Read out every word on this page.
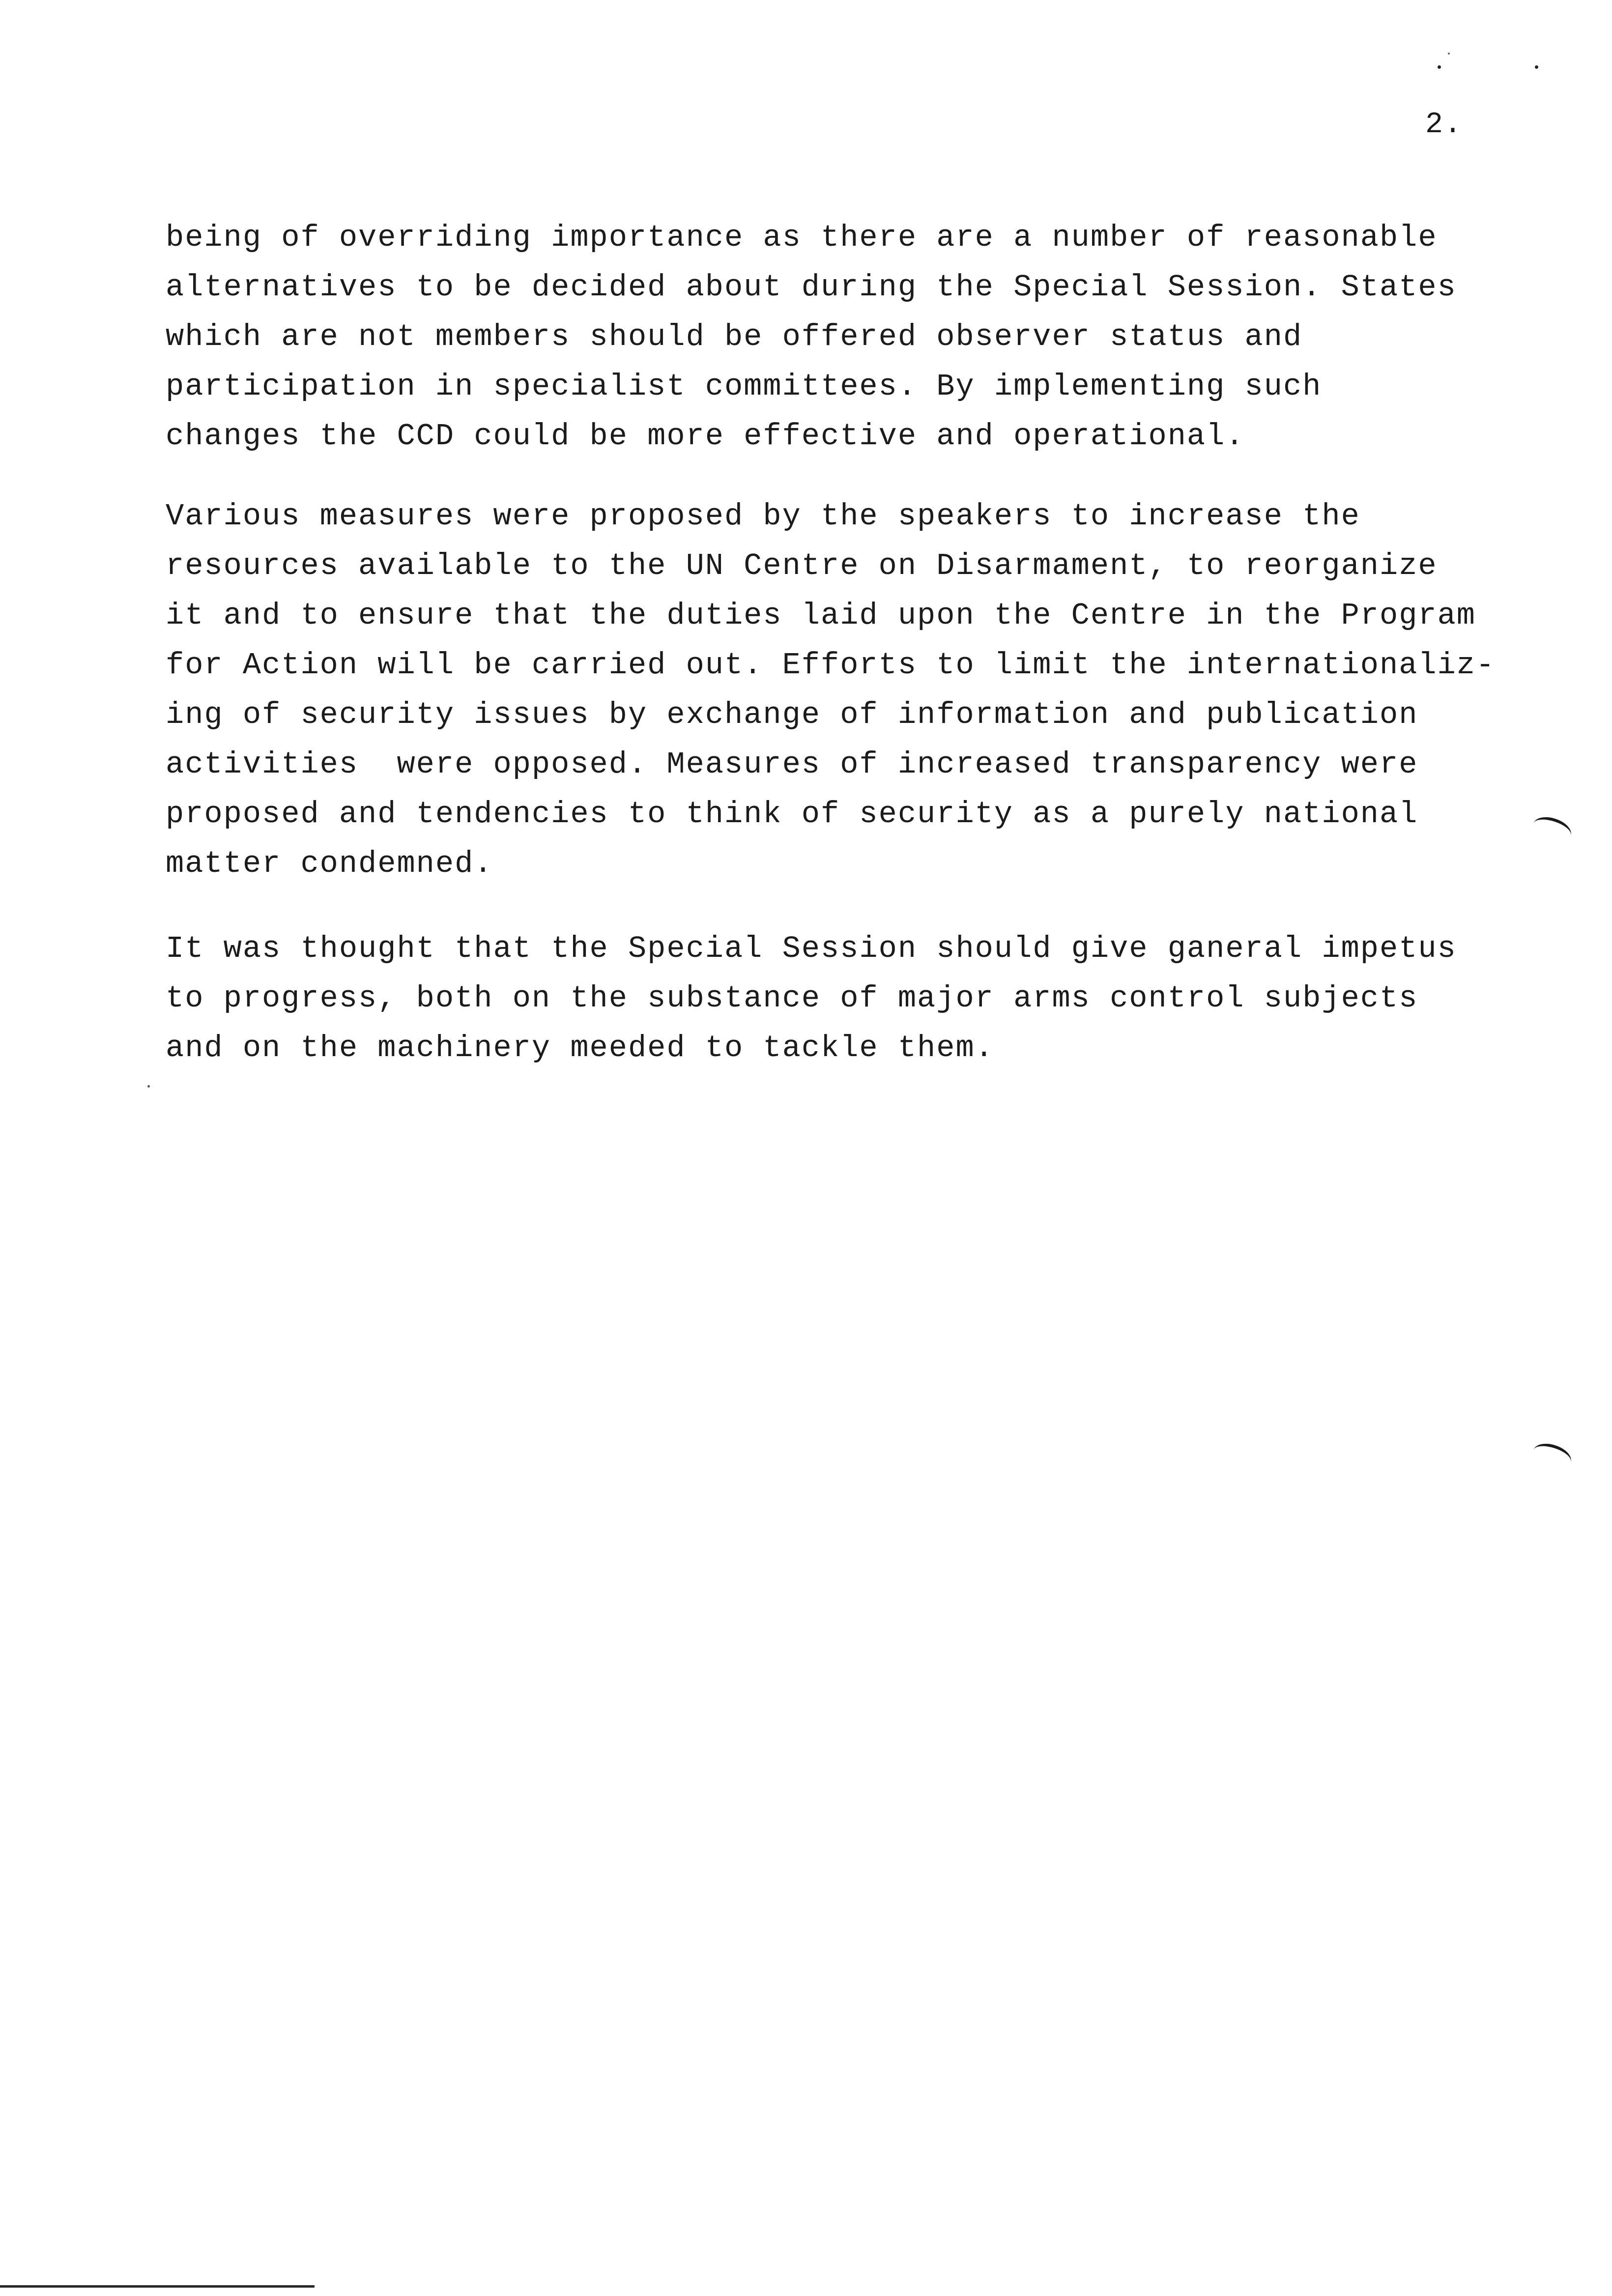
2.
being of overriding importance as there are a number of reasonable
alternatives to be decided about during the Special Session. States
which are not members should be offered observer status and
participation in specialist committees. By implementing such
changes the CCD could be more effective and operational.
Various measures were proposed by the speakers to increase the
resources available to the UN Centre on Disarmament, to reorganize
it and to ensure that the duties laid upon the Centre in the Program
for Action will be carried out. Efforts to limit the internationaliz-
ing of security issues by exchange of information and publication
activities  were opposed. Measures of increased transparency were
proposed and tendencies to think of security as a purely national
matter condemned.
It was thought that the Special Session should give ganeral impetus
to progress, both on the substance of major arms control subjects
and on the machinery meeded to tackle them.
